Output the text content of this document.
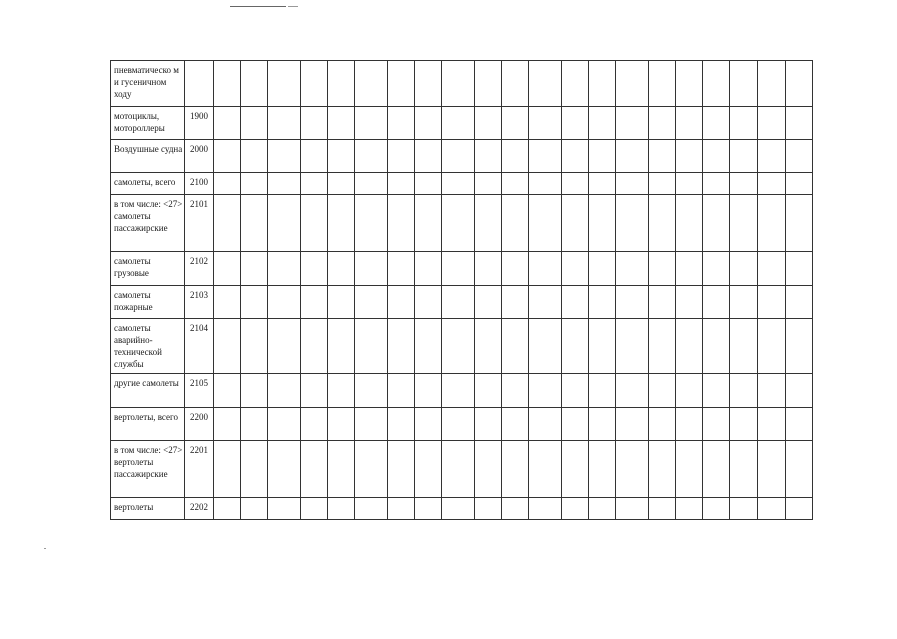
пневматическо м и гусеничном ходу																						
мотоциклы, мотороллеры	1900																					
Воздушные судна	2000																					
самолеты, всего	2100																					
в том числе: <27> самолеты пассажирские	2101																					
самолеты грузовые	2102																					
самолеты пожарные	2103																					
самолеты аварийно-технической службы	2104																					
другие самолеты	2105																					
вертолеты, всего	2200																					
в том числе: <27> вертолеты пассажирские	2201																					
вертолеты	2202																					
